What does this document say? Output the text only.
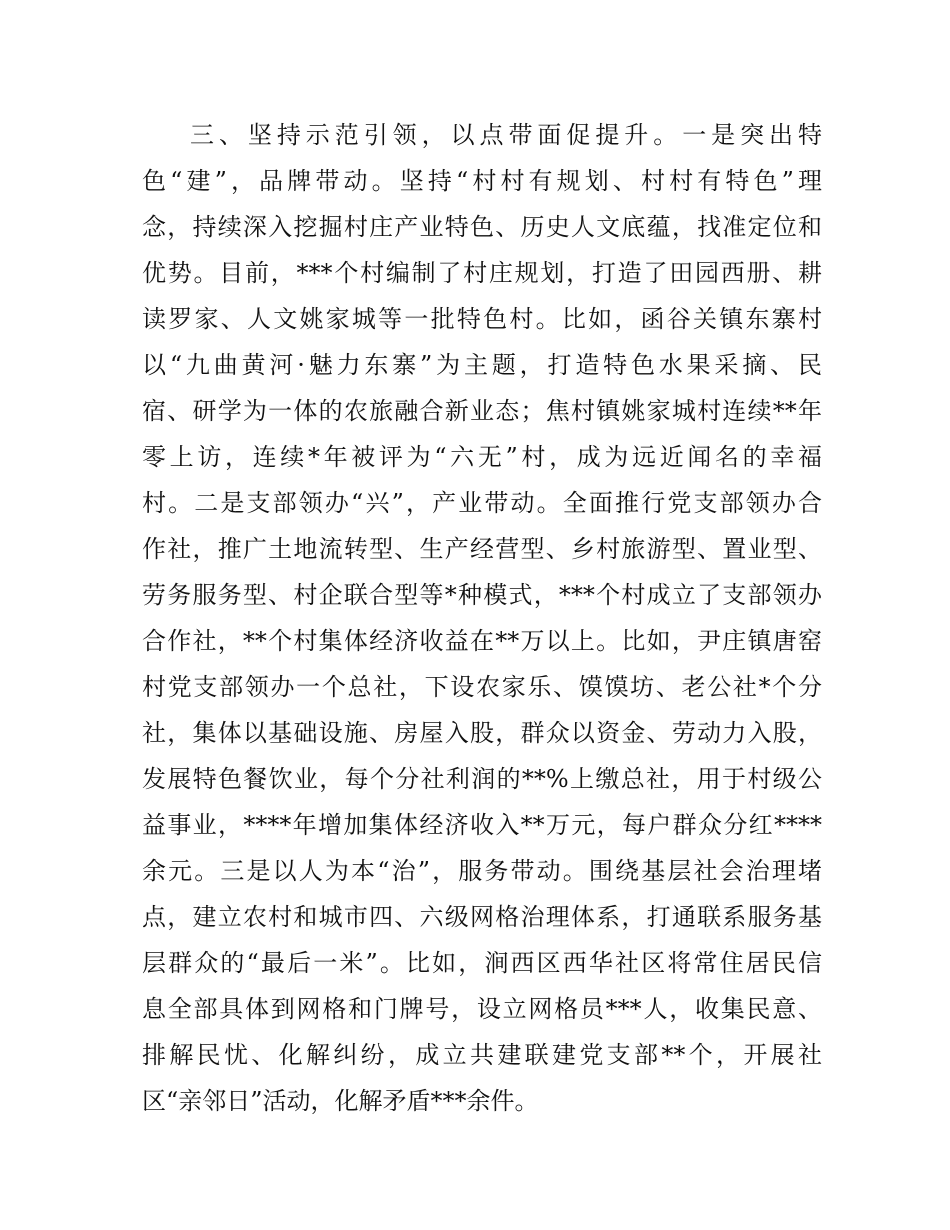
三、坚持示范引领，以点带面促提升。一是突出特
色“建”，品牌带动。坚持“村村有规划、村村有特色”理
念，持续深入挖掘村庄产业特色、历史人文底蕴，找准定位和
优势。目前，***个村编制了村庄规划，打造了田园西册、耕
读罗家、人文姚家城等一批特色村。比如，函谷关镇东寨村
以“九曲黄河·魅力东寨”为主题，打造特色水果采摘、民
宿、研学为一体的农旅融合新业态；焦村镇姚家城村连续**年
零上访，连续*年被评为“六无”村，成为远近闻名的幸福
村。二是支部领办“兴”，产业带动。全面推行党支部领办合
作社，推广土地流转型、生产经营型、乡村旅游型、置业型、
劳务服务型、村企联合型等*种模式，***个村成立了支部领办
合作社，**个村集体经济收益在**万以上。比如，尹庄镇唐窑
村党支部领办一个总社，下设农家乐、馍馍坊、老公社*个分
社，集体以基础设施、房屋入股，群众以资金、劳动力入股，
发展特色餐饮业，每个分社利润的**%上缴总社，用于村级公
益事业，****年增加集体经济收入**万元，每户群众分红****
余元。三是以人为本“治”，服务带动。围绕基层社会治理堵
点，建立农村和城市四、六级网格治理体系，打通联系服务基
层群众的“最后一米”。比如，涧西区西华社区将常住居民信
息全部具体到网格和门牌号，设立网格员***人，收集民意、
排解民忧、化解纠纷，成立共建联建党支部**个，开展社
区“亲邻日”活动，化解矛盾***余件。
